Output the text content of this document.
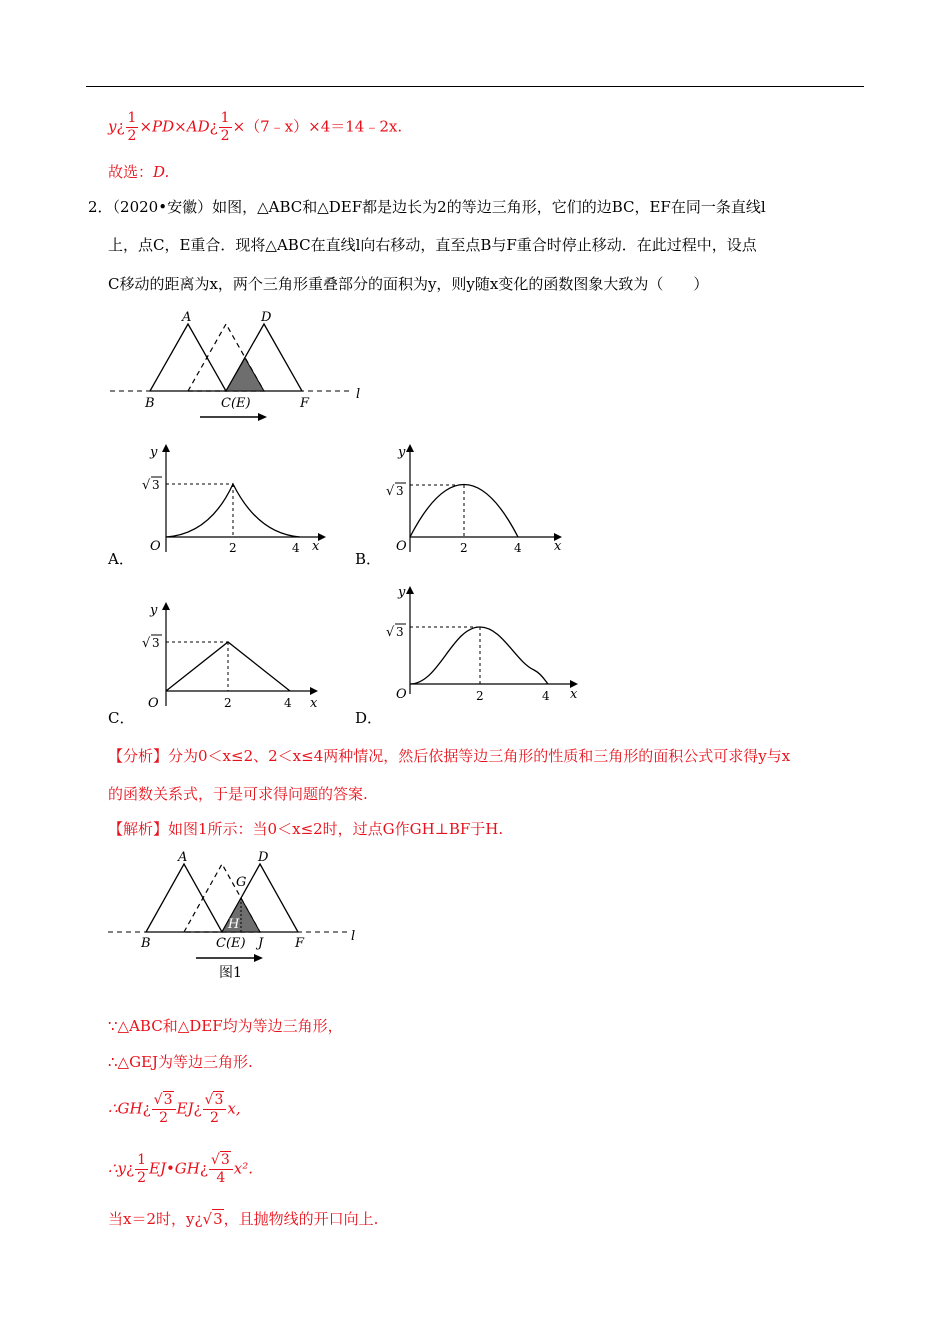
y¿ $\frac{1}{2}$ ×PD×AD¿ $\frac{1}{2}$ ×（7﹣x）×4＝14﹣2x.
故选：D.
2．（2020•安徽）如图，△ABC和△DEF都是边长为2的等边三角形，它们的边BC，EF在同一条直线l
上，点C，E重合．现将△ABC在直线l向右移动，直至点B与F重合时停止移动．在此过程中，设点
C移动的距离为x，两个三角形重叠部分的面积为y，则y随x变化的函数图象大致为（　　）
A	D
B	C(E)	F
l
y
x
O	2	4
√ 3
A．
y
x
O	2	4
√ 3
B．
y
x
O	2	4
√ 3
C．
y
x
O	2	4
√ 3
D．
【分析】分为0＜x≤2、2＜x≤4两种情况，然后依据等边三角形的性质和三角形的面积公式可求得y与x
的函数关系式，于是可求得问题的答案.
【解析】如图1所示：当0＜x≤2时，过点G作GH⊥BF于H.
A	D
G
H
B	C(E) J F	l
图1
∵△ABC和△DEF均为等边三角形，
∴△GEJ为等边三角形.
∴GH¿ $\frac{√3}{2}$ EJ¿ $\frac{√3}{2} x$,
∴y¿ $\frac{1}{2}$ EJ•GH¿ $\frac{√3}{4} x^2$.
当x＝2时，y¿√3，且抛物线的开口向上.
